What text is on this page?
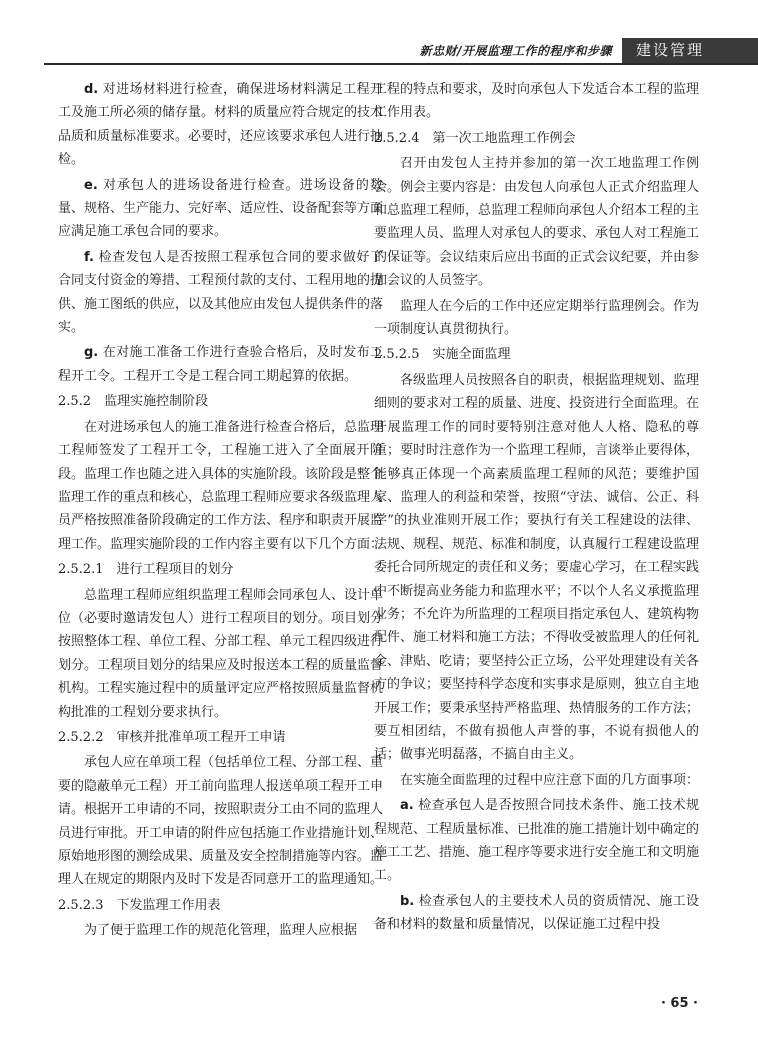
新忠财/开展监理工作的程序和步骤	建设管理

d. 对进场材料进行检查，确保进场材料满足工程开工及施工所必须的储存量。材料的质量应符合规定的技术品质和质量标准要求。必要时，还应该要求承包人进行抽检。

e. 对承包人的进场设备进行检查。进场设备的数量、规格、生产能力、完好率、适应性、设备配套等方面应满足施工承包合同的要求。

f. 检查发包人是否按照工程承包合同的要求做好了合同支付资金的筹措、工程预付款的支付、工程用地的提供、施工图纸的供应，以及其他应由发包人提供条件的落实。

g. 在对施工准备工作进行查验合格后，及时发布工程开工令。工程开工令是工程合同工期起算的依据。

2.5.2　监理实施控制阶段

在对进场承包人的施工准备进行检查合格后，总监理工程师签发了工程开工令，工程施工进入了全面展开阶段。监理工作也随之进入具体的实施阶段。该阶段是整个监理工作的重点和核心，总监理工程师应要求各级监理人员严格按照准备阶段确定的工作方法、程序和职责开展监理工作。监理实施阶段的工作内容主要有以下几个方面：

2.5.2.1　进行工程项目的划分

总监理工程师应组织监理工程师会同承包人、设计单位（必要时邀请发包人）进行工程项目的划分。项目划分按照整体工程、单位工程、分部工程、单元工程四级进行划分。工程项目划分的结果应及时报送本工程的质量监督机构。工程实施过程中的质量评定应严格按照质量监督机构批准的工程划分要求执行。

2.5.2.2　审核并批准单项工程开工申请

承包人应在单项工程（包括单位工程、分部工程、重要的隐蔽单元工程）开工前向监理人报送单项工程开工申请。根据开工申请的不同，按照职责分工由不同的监理人员进行审批。开工申请的附件应包括施工作业措施计划、原始地形图的测绘成果、质量及安全控制措施等内容。监理人在规定的期限内及时下发是否同意开工的监理通知。

2.5.2.3　下发监理工作用表

为了便于监理工作的规范化管理，监理人应根据

工程的特点和要求，及时向承包人下发适合本工程的监理工作用表。

2.5.2.4　第一次工地监理工作例会

召开由发包人主持并参加的第一次工地监理工作例会。例会主要内容是：由发包人向承包人正式介绍监理人和总监理工程师，总监理工程师向承包人介绍本工程的主要监理人员、监理人对承包人的要求、承包人对工程施工的保证等。会议结束后应出书面的正式会议纪要，并由参加会议的人员签字。

监理人在今后的工作中还应定期举行监理例会。作为一项制度认真贯彻执行。

2.5.2.5　实施全面监理

各级监理人员按照各自的职责，根据监理规划、监理细则的要求对工程的质量、进度、投资进行全面监理。在开展监理工作的同时要特别注意对他人人格、隐私的尊重；要时时注意作为一个监理工程师，言谈举止要得体，能够真正体现一个高素质监理工程师的风范；要维护国家、监理人的利益和荣誉，按照“守法、诚信、公正、科学”的执业准则开展工作；要执行有关工程建设的法律、法规、规程、规范、标准和制度，认真履行工程建设监理委托合同所规定的责任和义务；要虚心学习，在工程实践中不断提高业务能力和监理水平；不以个人名义承揽监理业务；不允许为所监理的工程项目指定承包人、建筑构物配件、施工材料和施工方法；不得收受被监理人的任何礼金、津贴、吃请；要坚持公正立场，公平处理建设有关各方的争议；要坚持科学态度和实事求是原则，独立自主地开展工作；要秉承坚持严格监理、热情服务的工作方法；要互相团结，不做有损他人声誉的事，不说有损他人的话；做事光明磊落，不搞自由主义。

在实施全面监理的过程中应注意下面的几方面事项：

a. 检查承包人是否按照合同技术条件、施工技术规程规范、工程质量标准、已批准的施工措施计划中确定的施工工艺、措施、施工程序等要求进行安全施工和文明施工。

b. 检查承包人的主要技术人员的资质情况、施工设备和材料的数量和质量情况，以保证施工过程中投

· 65 ·
